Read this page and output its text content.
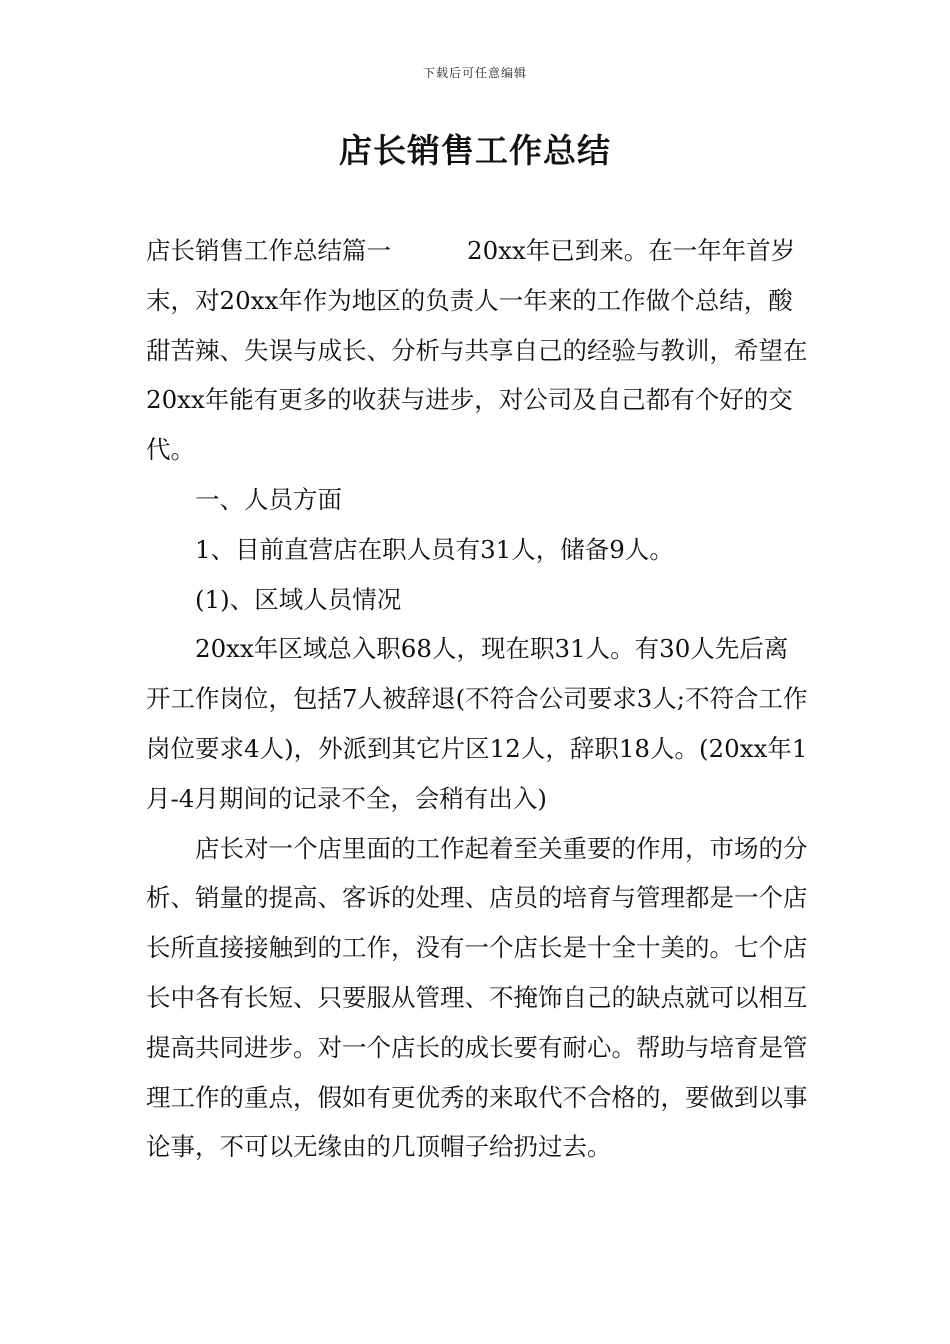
下载后可任意编辑
店长销售工作总结

店长销售工作总结篇一	20xx年已到来。在一年年首岁末，对20xx年作为地区的负责人一年来的工作做个总结，酸甜苦辣、失误与成长、分析与共享自己的经验与教训，希望在20xx年能有更多的收获与进步，对公司及自己都有个好的交代。

一、人员方面

1、目前直营店在职人员有31人，储备9人。

(1)、区域人员情况

20xx年区域总入职68人，现在职31人。有30人先后离开工作岗位，包括7人被辞退(不符合公司要求3人;不符合工作岗位要求4人)，外派到其它片区12人，辞职18人。(20xx年1月-4月期间的记录不全，会稍有出入)

店长对一个店里面的工作起着至关重要的作用，市场的分析、销量的提高、客诉的处理、店员的培育与管理都是一个店长所直接接触到的工作，没有一个店长是十全十美的。七个店长中各有长短、只要服从管理、不掩饰自己的缺点就可以相互提高共同进步。对一个店长的成长要有耐心。帮助与培育是管理工作的重点，假如有更优秀的来取代不合格的，要做到以事论事，不可以无缘由的几顶帽子给扔过去。
